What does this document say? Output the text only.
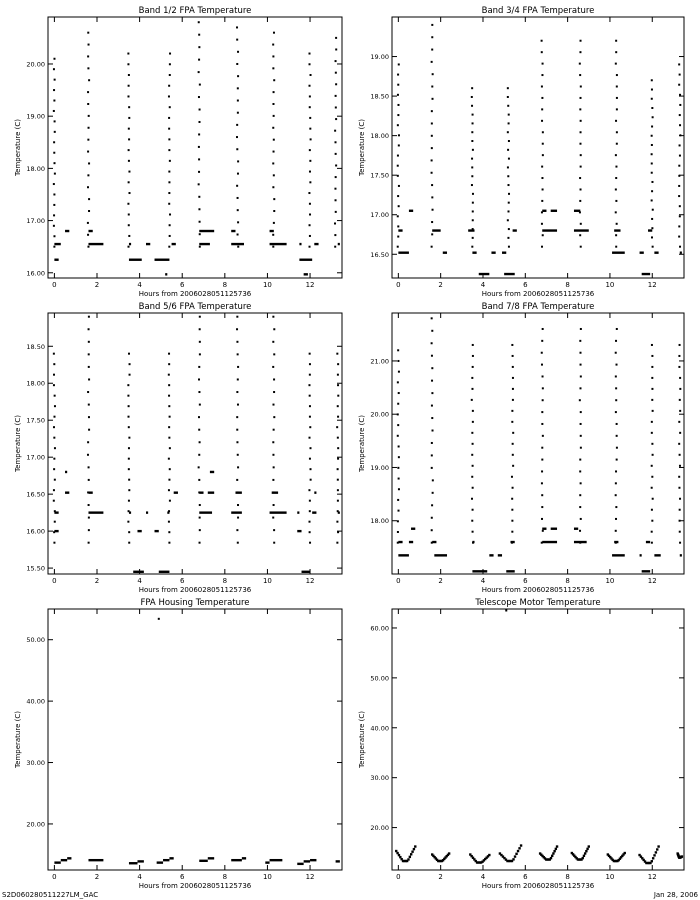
Band 1/2 FPA Temperature
Hours from 2006028051125736
Temperature (C)
0	2	4	6	8	10	12
16.00
17.00
18.00
19.00
20.00
Band 3/4 FPA Temperature
Hours from 2006028051125736
Temperature (C)
0	2	4	6	8	10	12
16.50
17.00
17.50
18.00
18.50
19.00
Band 5/6 FPA Temperature
Hours from 2006028051125736
Temperature (C)
0	2	4	6	8	10	12
15.50
16.00
16.50
17.00
17.50
18.00
18.50
Band 7/8 FPA Temperature
Hours from 2006028051125736
Temperature (C)
0	2	4	6	8	10	12
18.00
19.00
20.00
21.00
FPA Housing Temperature
Hours from 2006028051125736
Temperature (C)
0	2	4	6	8	10	12
20.00
30.00
40.00
50.00
Telescope Motor Temperature
Hours from 2006028051125736
Temperature (C)
0	2	4	6	8	10	12
20.00
30.00
40.00
50.00
60.00
S2D060280511227LM_GAC	Jan 28, 2006
